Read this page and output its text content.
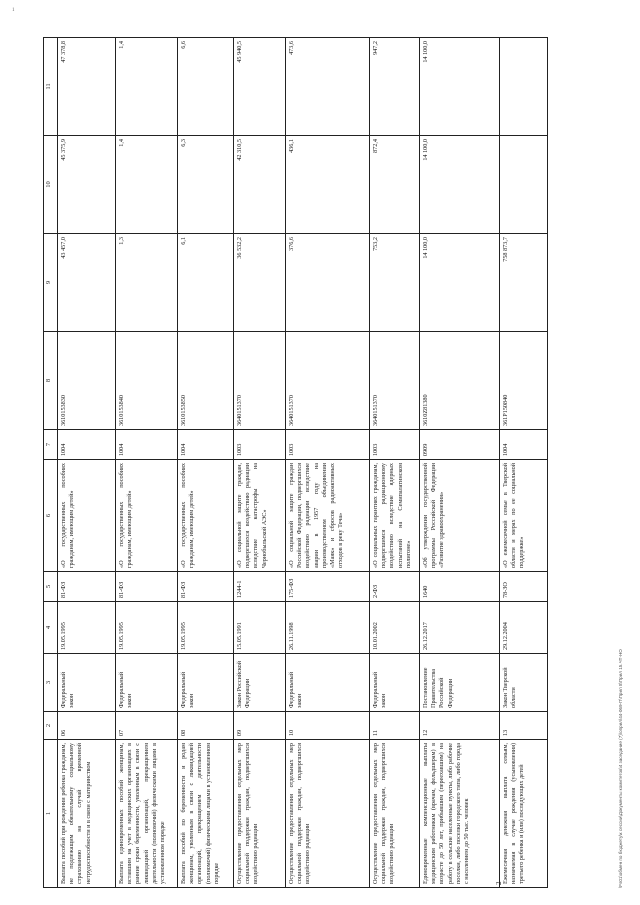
1
2
1	2	3	4	5	6	7	8	9	10	11
Выплата пособий при рождении ребенка гражданам, не подлежащим обязательному социальному страхованию на случай временной нетрудоспособности и в связи с материнством	06	Федеральный закон	19.05.1995	81-ФЗ	«О государственных пособиях гражданам, имеющим детей»	1004	3610153830	43 457,0	45 375,9	47 378,8
Выплата единовременных пособий женщинам, вставшим на учет в медицинских организациях в ранние сроки беременности, уволенным в связи с ликвидацией организаций, прекращением деятельности (полномочий) физическими лицами в установленном порядке	07	Федеральный закон	19.05.1995	81-ФЗ	«О государственных пособиях гражданам, имеющим детей»	1004	3610153840	1,3	1,4	1,4
Выплата пособий по беременности и родам женщинам, уволенным в связи с ликвидацией организаций, прекращением деятельности (полномочий) физическими лицами в установленном порядке	08	Федеральный закон	19.05.1995	81-ФЗ	«О государственных пособиях гражданам, имеющим детей»	1004	3610153850	6,1	6,3	6,6
Осуществление предоставления отдельных мер социальной поддержки граждан, подвергшихся воздействию радиации	09	Закон Российской Федерации	15.05.1991	1244-1	«О социальной защите граждан, подвергшихся воздействию радиации вследствие катастрофы на Чернобыльской АЭС»	1003	3640151370	36 532,2	42 310,5	45 940,5
Осуществление предоставления отдельных мер социальной поддержки граждан, подвергшихся воздействию радиации	10	Федеральный закон	26.11.1998	175-ФЗ	«О социальной защите граждан Российской Федерации, подвергшихся воздействию радиации вследствие аварии в 1957 году на производственном объединении «Маяк» и сбросов радиоактивных отходов в реку Теча»	1003	3640151370	376,6	436,1	473,6
Осуществление предоставления отдельных мер социальной поддержки граждан, подвергшихся воздействию радиации	11	Федеральный закон	10.01.2002	2-ФЗ	«О социальных гарантиях гражданам, подвергшимся радиационному воздействию вследствие ядерных испытаний на Семипалатинском полигоне»	1003	3640151370	753,2	872,4	947,2
Единовременные компенсационные выплаты медицинским работникам (врачам, фельдшерам) в возрасте до 50 лет, прибывшим (переехавшим) на работу в сельские населенные пункты, либо рабочие поселки, либо поселки городского типа, либо города с населением до 50 тыс. человек	12	Постановление Правительства Российской Федерации	26.12.2017	1640	«Об утверждении государственной программы Российской Федерации «Развитие здравоохранения»	0909	3610Z81380	14 100,0	14 100,0	14 100,0
Ежемесячная денежная выплата семьям, назначаемая в случае рождения (усыновления) третьего ребенка и (или) последующих детей	13	Закон Тверской области	29.12.2004	78-ЗО	«О ежемесячной семье в Тверской области и мерах по ее социальной поддержке»	1004	361Р150840	758 873,7		
\Fs01\oбмен по бюджету\к сессии\Документы комитетов\4 заседание (7)\оприл\44-069-П\Прил 8\Прил 15.ЧТ-НО
